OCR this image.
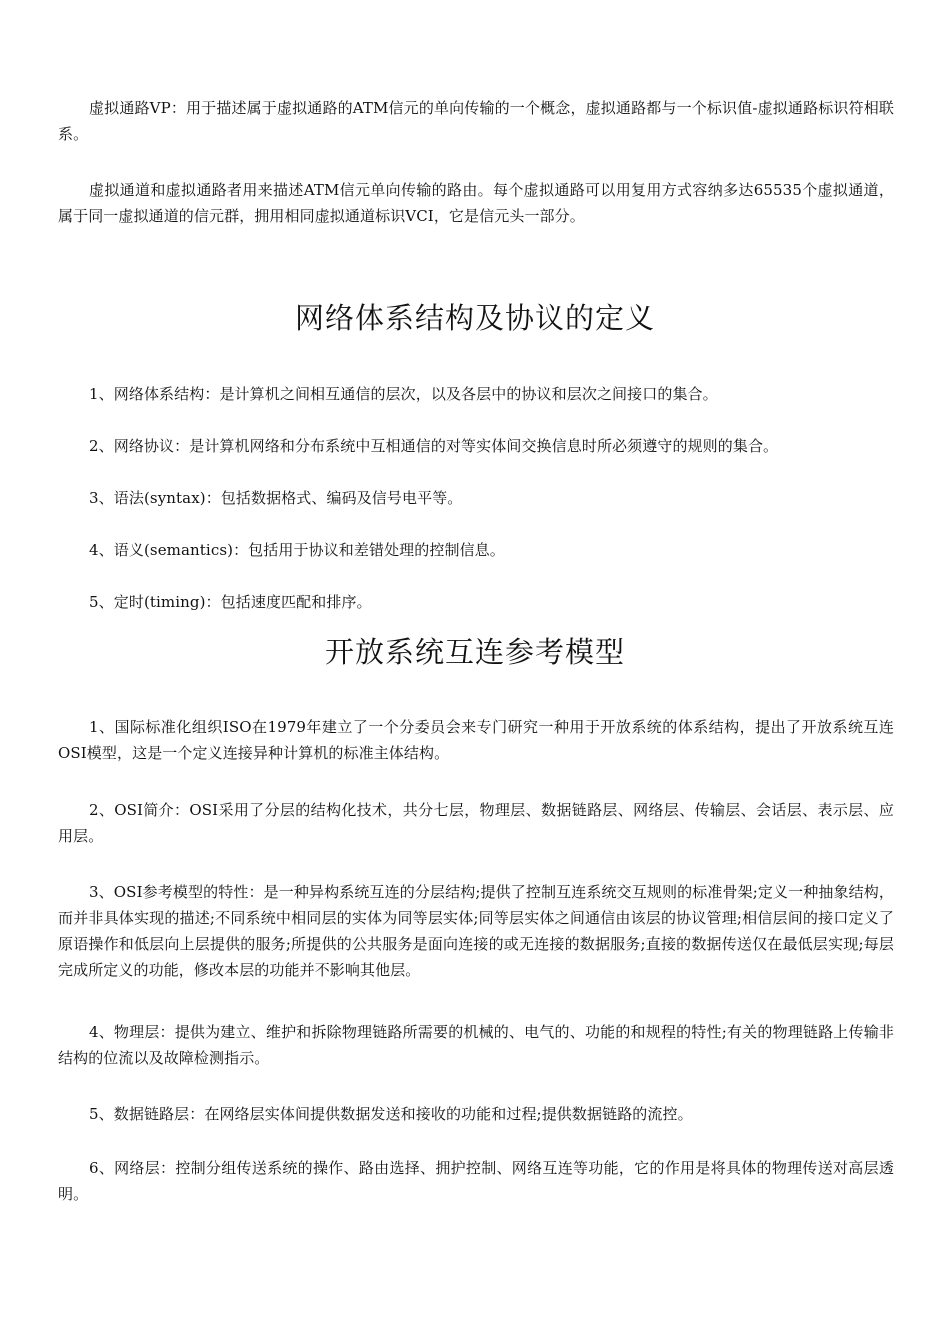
虚拟通路VP：用于描述属于虚拟通路的ATM信元的单向传输的一个概念，虚拟通路都与一个标识值-虚拟通路标识符相联系。

虚拟通道和虚拟通路者用来描述ATM信元单向传输的路由。每个虚拟通路可以用复用方式容纳多达65535个虚拟通道，属于同一虚拟通道的信元群，拥用相同虚拟通道标识VCI，它是信元头一部分。

网络体系结构及协议的定义

1、网络体系结构：是计算机之间相互通信的层次，以及各层中的协议和层次之间接口的集合。

2、网络协议：是计算机网络和分布系统中互相通信的对等实体间交换信息时所必须遵守的规则的集合。

3、语法(syntax)：包括数据格式、编码及信号电平等。

4、语义(semantics)：包括用于协议和差错处理的控制信息。

5、定时(timing)：包括速度匹配和排序。

开放系统互连参考模型

1、国际标准化组织ISO在1979年建立了一个分委员会来专门研究一种用于开放系统的体系结构，提出了开放系统互连OSI模型，这是一个定义连接异种计算机的标准主体结构。

2、OSI简介：OSI采用了分层的结构化技术，共分七层，物理层、数据链路层、网络层、传输层、会话层、表示层、应用层。

3、OSI参考模型的特性：是一种异构系统互连的分层结构;提供了控制互连系统交互规则的标准骨架;定义一种抽象结构，而并非具体实现的描述;不同系统中相同层的实体为同等层实体;同等层实体之间通信由该层的协议管理;相信层间的接口定义了原语操作和低层向上层提供的服务;所提供的公共服务是面向连接的或无连接的数据服务;直接的数据传送仅在最低层实现;每层完成所定义的功能，修改本层的功能并不影响其他层。

4、物理层：提供为建立、维护和拆除物理链路所需要的机械的、电气的、功能的和规程的特性;有关的物理链路上传输非结构的位流以及故障检测指示。

5、数据链路层：在网络层实体间提供数据发送和接收的功能和过程;提供数据链路的流控。

6、网络层：控制分组传送系统的操作、路由选择、拥护控制、网络互连等功能，它的作用是将具体的物理传送对高层透明。
